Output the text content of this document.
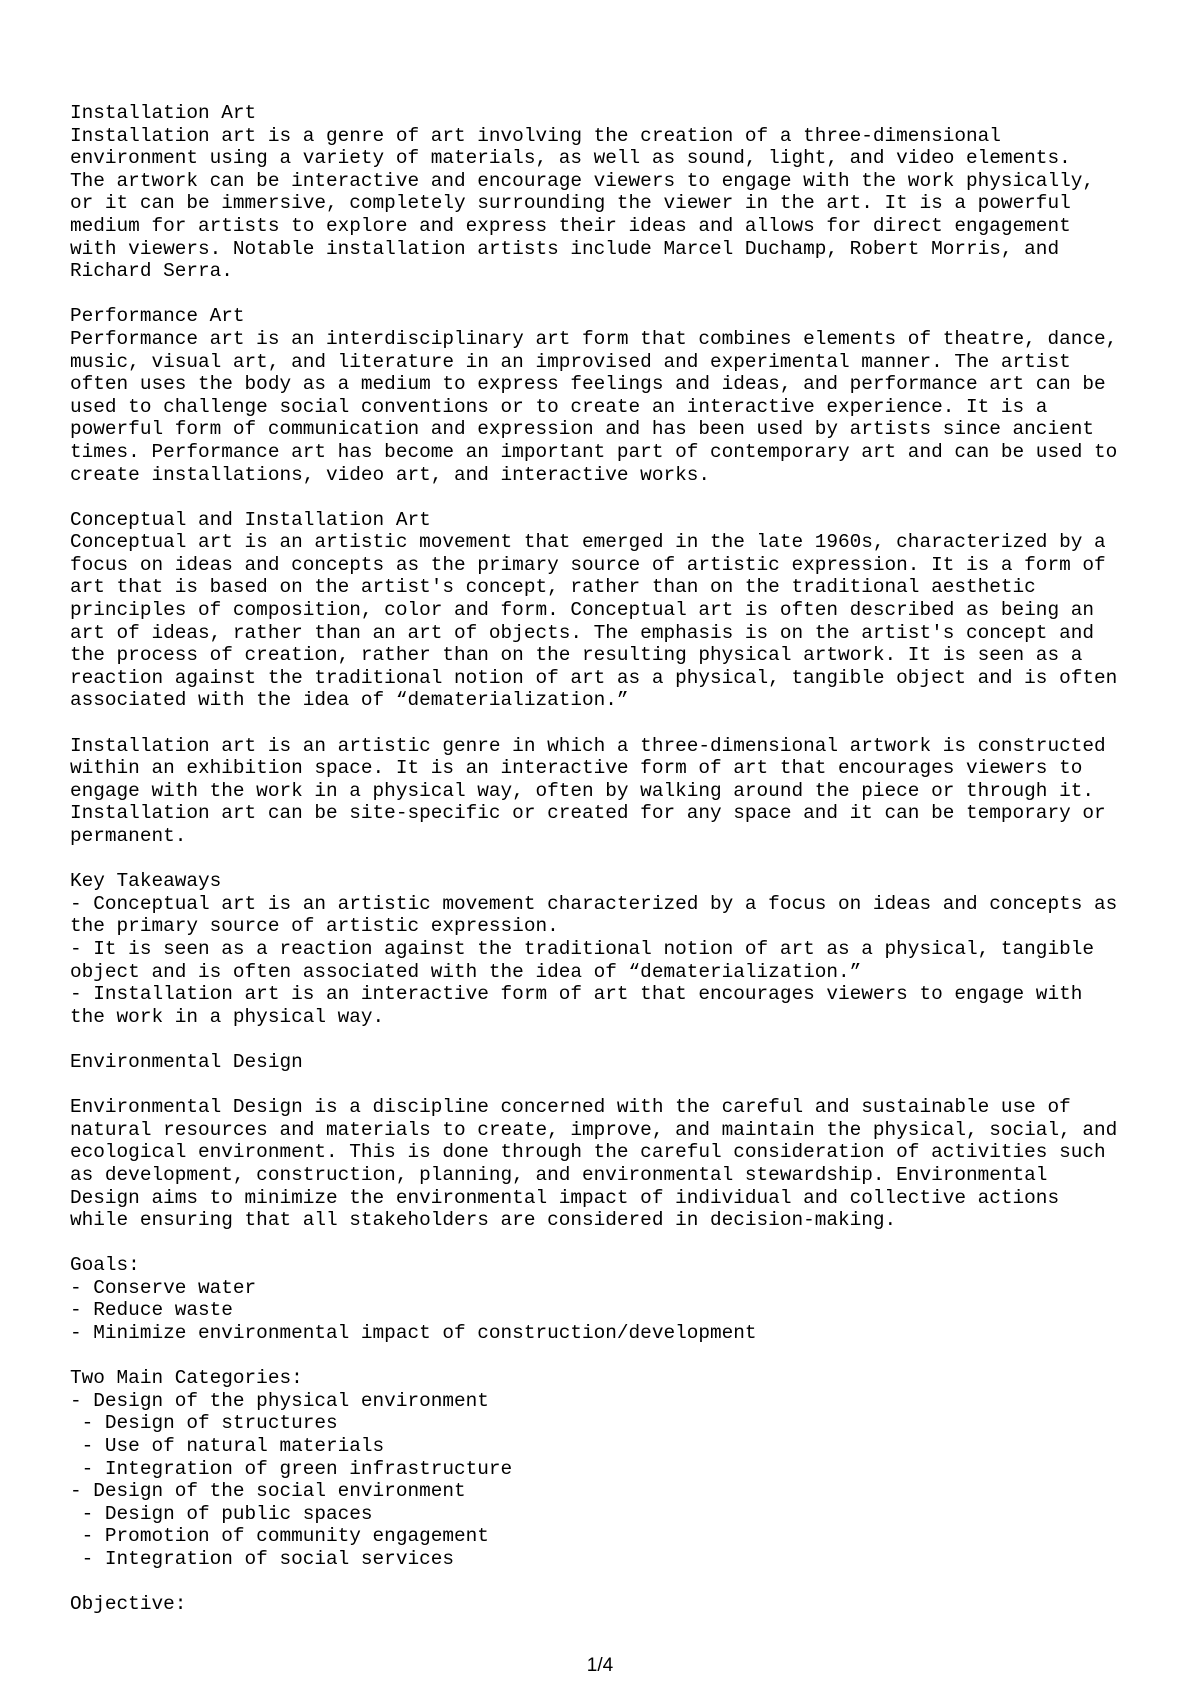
Installation Art
Installation art is a genre of art involving the creation of a three-dimensional
environment using a variety of materials, as well as sound, light, and video elements.
The artwork can be interactive and encourage viewers to engage with the work physically,
or it can be immersive, completely surrounding the viewer in the art. It is a powerful
medium for artists to explore and express their ideas and allows for direct engagement
with viewers. Notable installation artists include Marcel Duchamp, Robert Morris, and
Richard Serra.
Performance Art
Performance art is an interdisciplinary art form that combines elements of theatre, dance,
music, visual art, and literature in an improvised and experimental manner. The artist
often uses the body as a medium to express feelings and ideas, and performance art can be
used to challenge social conventions or to create an interactive experience. It is a
powerful form of communication and expression and has been used by artists since ancient
times. Performance art has become an important part of contemporary art and can be used to
create installations, video art, and interactive works.
Conceptual and Installation Art
Conceptual art is an artistic movement that emerged in the late 1960s, characterized by a
focus on ideas and concepts as the primary source of artistic expression. It is a form of
art that is based on the artist's concept, rather than on the traditional aesthetic
principles of composition, color and form. Conceptual art is often described as being an
art of ideas, rather than an art of objects. The emphasis is on the artist's concept and
the process of creation, rather than on the resulting physical artwork. It is seen as a
reaction against the traditional notion of art as a physical, tangible object and is often
associated with the idea of “dematerialization.”
Installation art is an artistic genre in which a three-dimensional artwork is constructed
within an exhibition space. It is an interactive form of art that encourages viewers to
engage with the work in a physical way, often by walking around the piece or through it.
Installation art can be site-specific or created for any space and it can be temporary or
permanent.
Key Takeaways
- Conceptual art is an artistic movement characterized by a focus on ideas and concepts as
the primary source of artistic expression.
- It is seen as a reaction against the traditional notion of art as a physical, tangible
object and is often associated with the idea of “dematerialization.”
- Installation art is an interactive form of art that encourages viewers to engage with
the work in a physical way.
Environmental Design
Environmental Design is a discipline concerned with the careful and sustainable use of
natural resources and materials to create, improve, and maintain the physical, social, and
ecological environment. This is done through the careful consideration of activities such
as development, construction, planning, and environmental stewardship. Environmental
Design aims to minimize the environmental impact of individual and collective actions
while ensuring that all stakeholders are considered in decision-making.
Goals:
- Conserve water
- Reduce waste
- Minimize environmental impact of construction/development
Two Main Categories:
- Design of the physical environment
- Design of structures
- Use of natural materials
- Integration of green infrastructure
- Design of the social environment
- Design of public spaces
- Promotion of community engagement
- Integration of social services
Objective:
1/4
